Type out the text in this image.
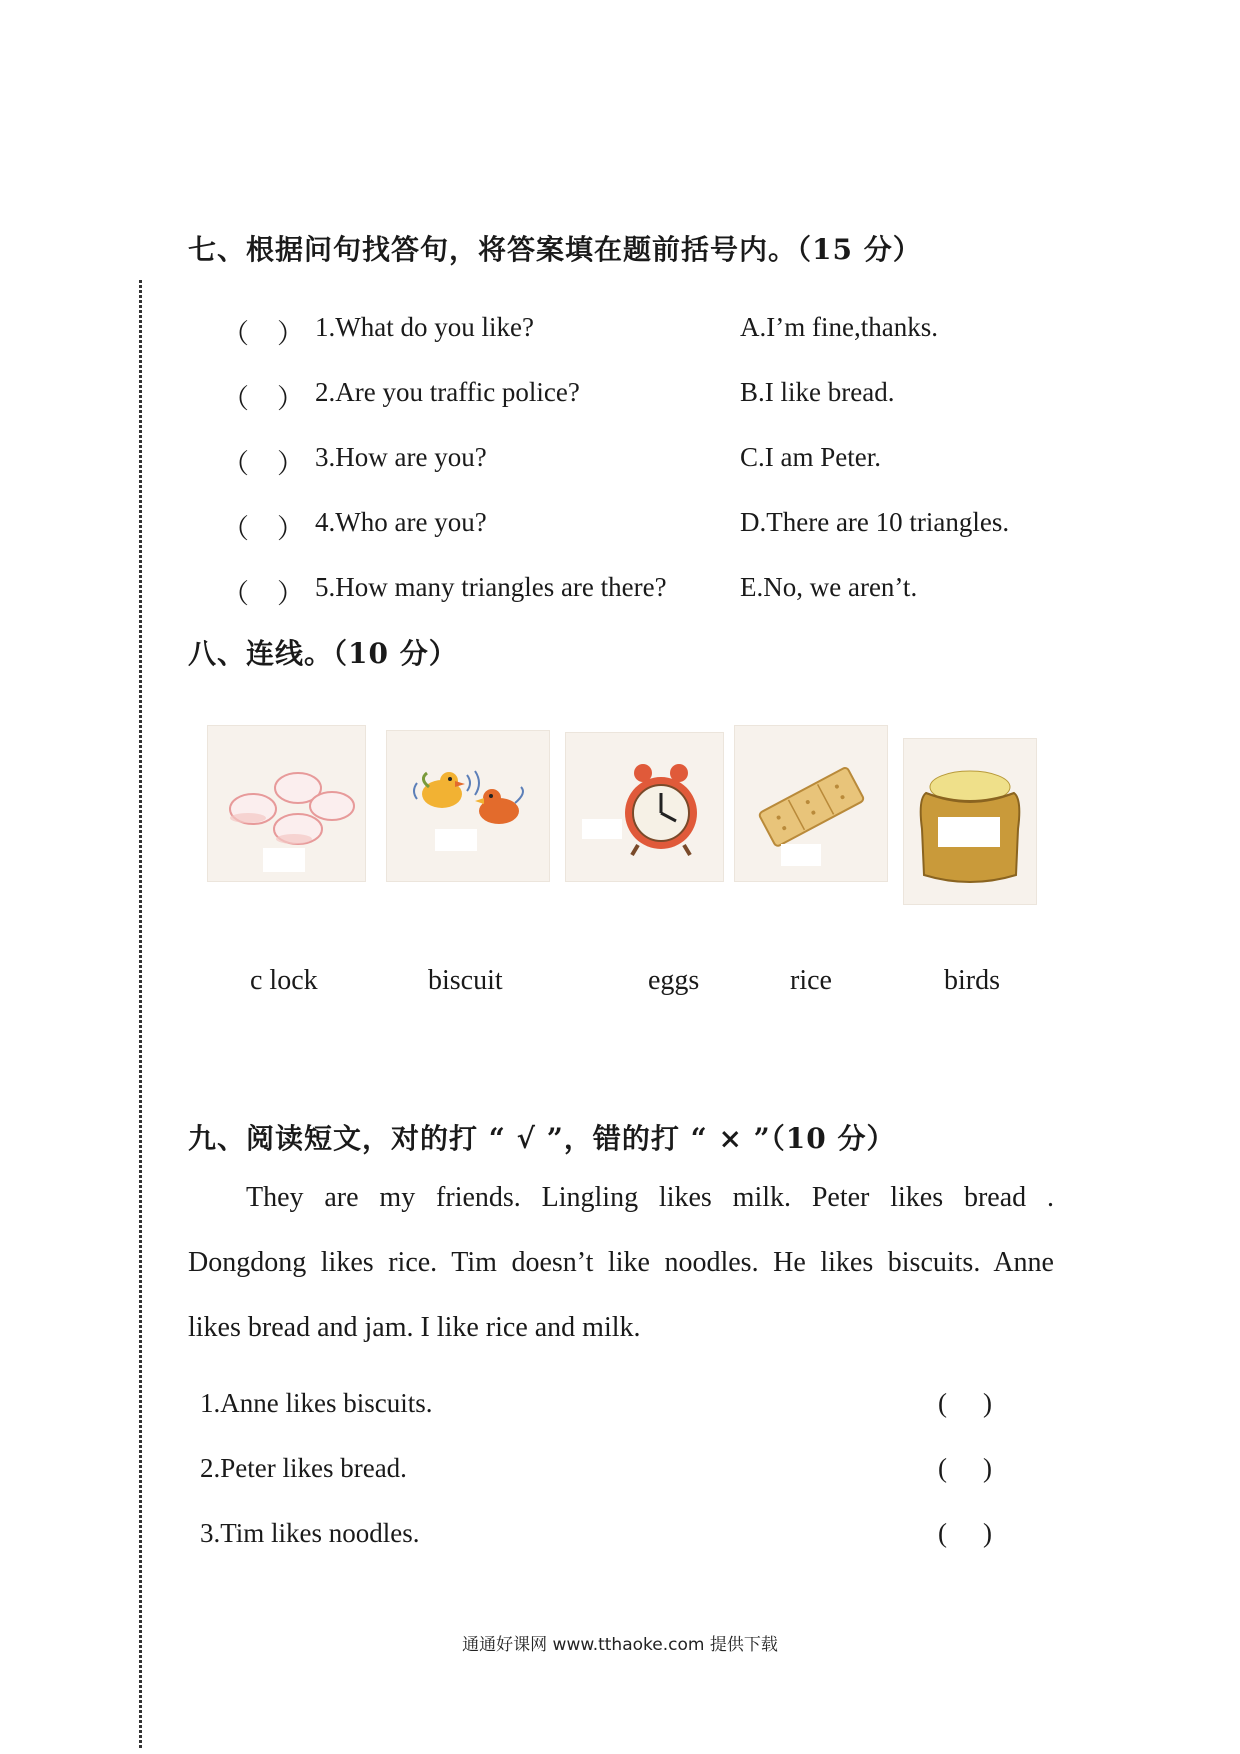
七、根据问句找答句，将答案填在题前括号内。（15 分）
（ ） 1.What do you like?	A.I’m fine,thanks.
（ ） 2.Are you traffic police?	B.I like bread.
（ ） 3.How are you?	C.I am Peter.
（ ） 4.Who are you?	D.There are 10 triangles.
（ ） 5.How many triangles are there?	E.No, we aren’t.
八、连线。（10 分）
c lock	biscuit	eggs	rice	birds
九、阅读短文，对的打 “ √ ”，错的打 “ × ”（10 分）
They are my friends. Lingling likes milk. Peter likes bread .
Dongdong likes rice. Tim doesn’t like noodles. He likes biscuits. Anne
likes bread and jam. I like rice and milk.
1.Anne likes biscuits.	( )
2.Peter likes bread.	( )
3.Tim likes noodles.	( )
通通好课网 www.tthaoke.com 提供下载
